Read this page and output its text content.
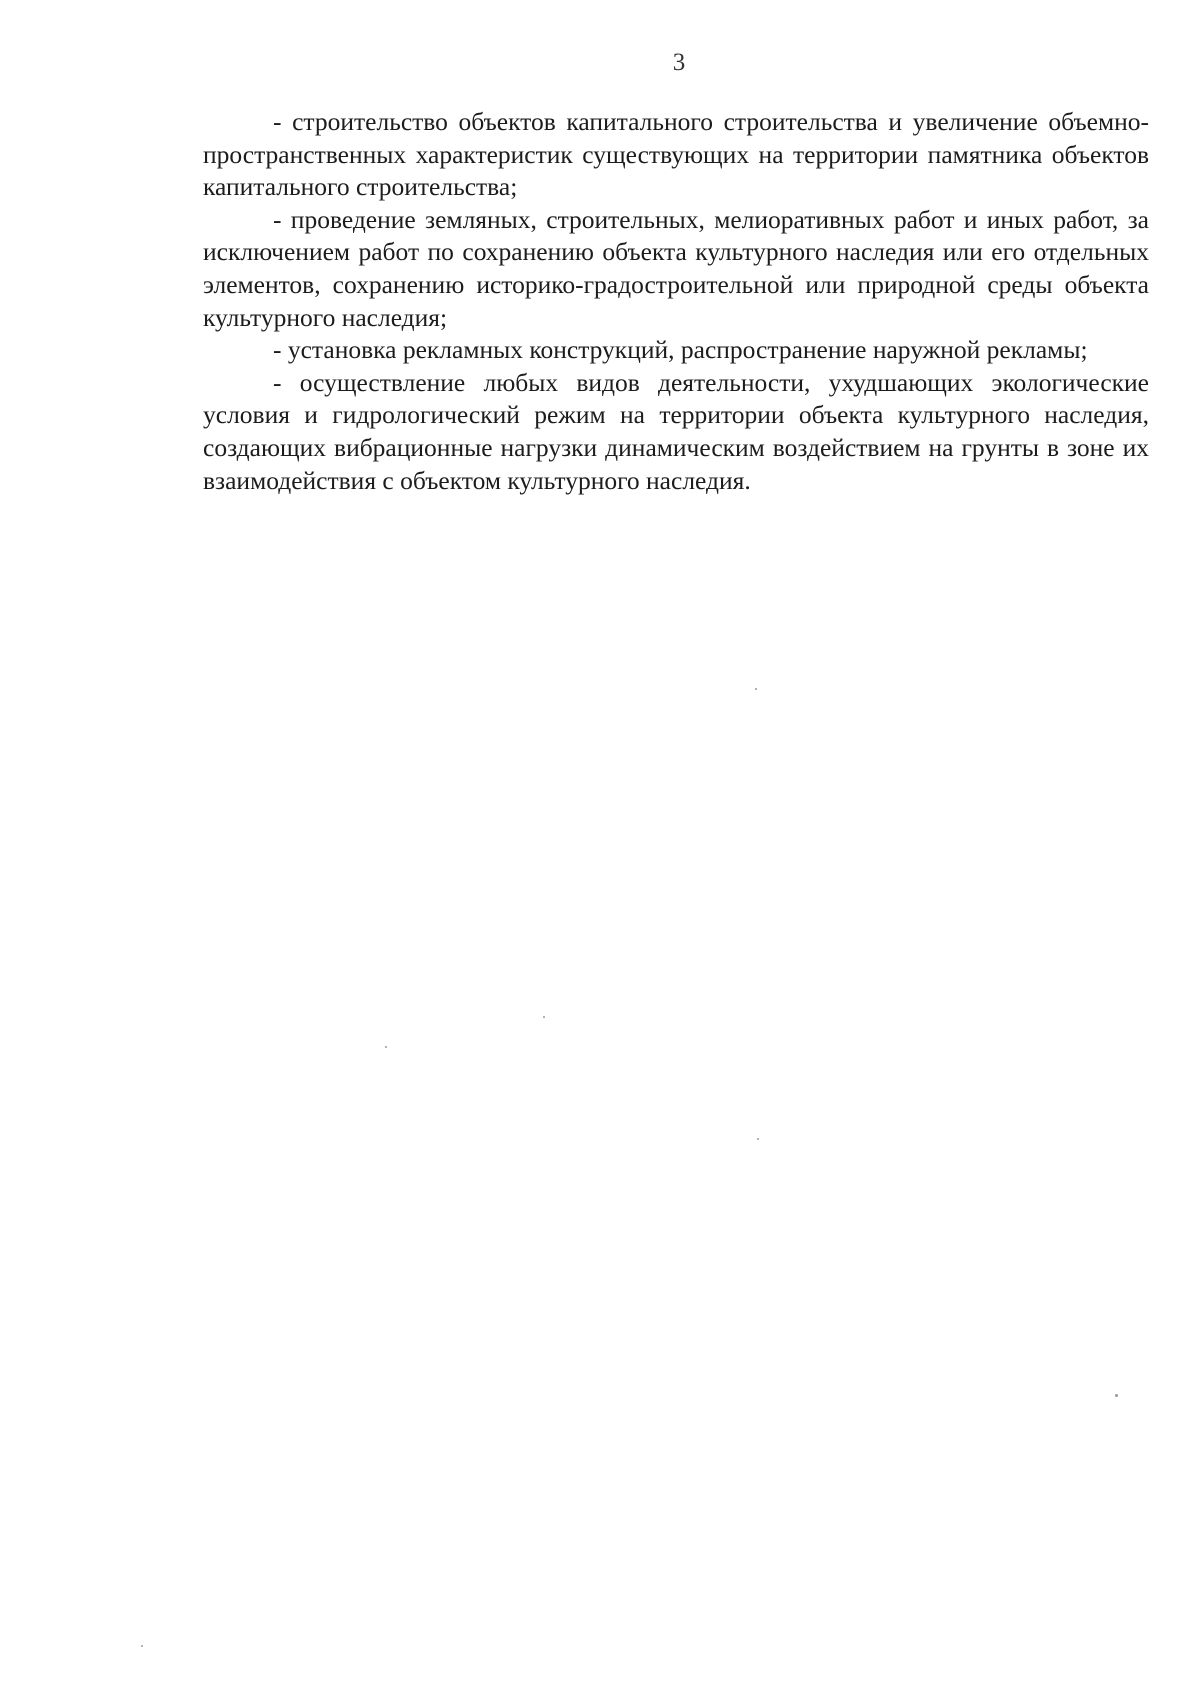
3

- строительство объектов капитального строительства и увеличение объемно-пространственных характеристик существующих на территории памятника объектов капитального строительства;

- проведение земляных, строительных, мелиоративных работ и иных работ, за исключением работ по сохранению объекта культурного наследия или его отдельных элементов, сохранению историко-градостроительной или природной среды объекта культурного наследия;

- установка рекламных конструкций, распространение наружной рекламы;

- осуществление любых видов деятельности, ухудшающих экологические условия и гидрологический режим на территории объекта культурного наследия, создающих вибрационные нагрузки динамическим воздействием на грунты в зоне их взаимодействия с объектом культурного наследия.
